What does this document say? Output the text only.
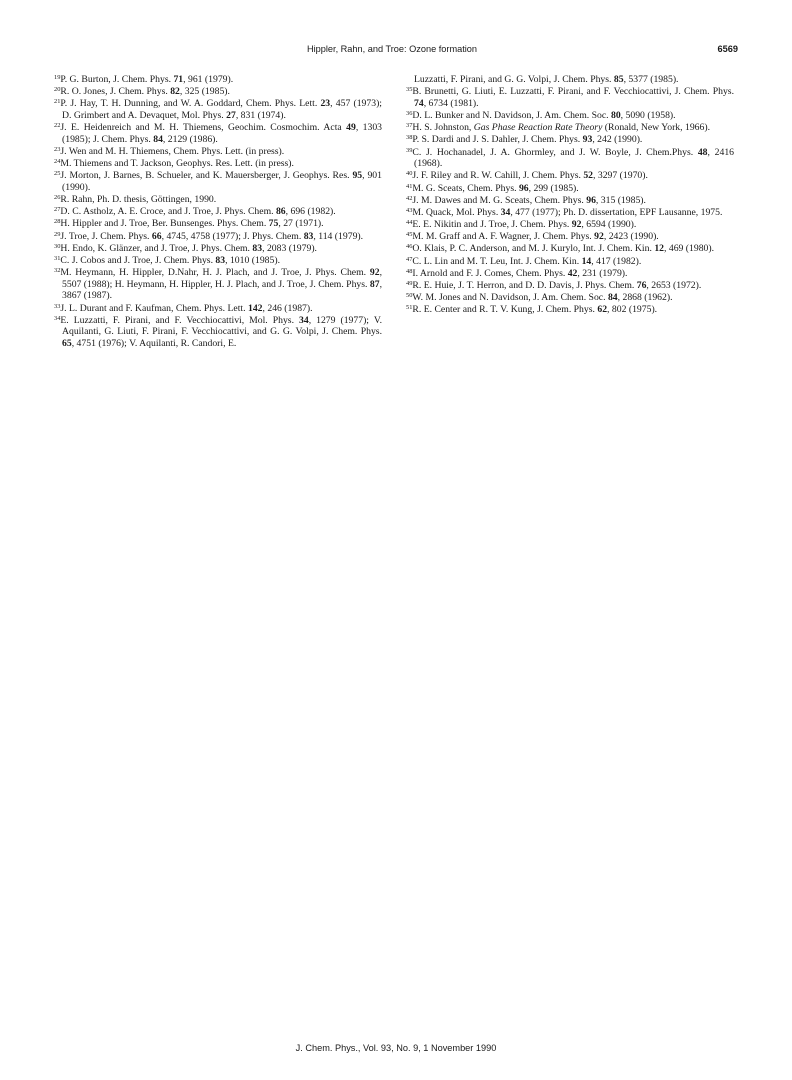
Hippler, Rahn, and Troe: Ozone formation	6569

$^{19}$P. G. Burton, J. Chem. Phys. 71, 961 (1979).

$^{20}$R. O. Jones, J. Chem. Phys. 82, 325 (1985).

$^{21}$P. J. Hay, T. H. Dunning, and W. A. Goddard, Chem. Phys. Lett. 23, 457 (1973); D. Grimbert and A. Devaquet, Mol. Phys. 27, 831 (1974).

$^{22}$J. E. Heidenreich and M. H. Thiemens, Geochim. Cosmochim. Acta 49, 1303 (1985); J. Chem. Phys. 84, 2129 (1986).

$^{23}$J. Wen and M. H. Thiemens, Chem. Phys. Lett. (in press).

$^{24}$M. Thiemens and T. Jackson, Geophys. Res. Lett. (in press).

$^{25}$J. Morton, J. Barnes, B. Schueler, and K. Mauersberger, J. Geophys. Res. 95, 901 (1990).

$^{26}$R. Rahn, Ph. D. thesis, Göttingen, 1990.

$^{27}$D. C. Astholz, A. E. Croce, and J. Troe, J. Phys. Chem. 86, 696 (1982).

$^{28}$H. Hippler and J. Troe, Ber. Bunsenges. Phys. Chem. 75, 27 (1971).

$^{29}$J. Troe, J. Chem. Phys. 66, 4745, 4758 (1977); J. Phys. Chem. 83, 114 (1979).

$^{30}$H. Endo, K. Glänzer, and J. Troe, J. Phys. Chem. 83, 2083 (1979).

$^{31}$C. J. Cobos and J. Troe, J. Chem. Phys. 83, 1010 (1985).

$^{32}$M. Heymann, H. Hippler, D.Nahr, H. J. Plach, and J. Troe, J. Phys. Chem. 92, 5507 (1988); H. Heymann, H. Hippler, H. J. Plach, and J. Troe, J. Chem. Phys. 87, 3867 (1987).

$^{33}$J. L. Durant and F. Kaufman, Chem. Phys. Lett. 142, 246 (1987).

$^{34}$E. Luzzatti, F. Pirani, and F. Vecchiocattivi, Mol. Phys. 34, 1279 (1977); V. Aquilanti, G. Liuti, F. Pirani, F. Vecchiocattivi, and G. G. Volpi, J. Chem. Phys. 65, 4751 (1976); V. Aquilanti, R. Candori, E.

Luzzatti, F. Pirani, and G. G. Volpi, J. Chem. Phys. 85, 5377 (1985).

$^{35}$B. Brunetti, G. Liuti, E. Luzzatti, F. Pirani, and F. Vecchiocattivi, J. Chem. Phys. 74, 6734 (1981).

$^{36}$D. L. Bunker and N. Davidson, J. Am. Chem. Soc. 80, 5090 (1958).

$^{37}$H. S. Johnston, Gas Phase Reaction Rate Theory (Ronald, New York, 1966).

$^{38}$P. S. Dardi and J. S. Dahler, J. Chem. Phys. 93, 242 (1990).

$^{39}$C. J. Hochanadel, J. A. Ghormley, and J. W. Boyle, J. Chem.Phys. 48, 2416 (1968).

$^{40}$J. F. Riley and R. W. Cahill, J. Chem. Phys. 52, 3297 (1970).

$^{41}$M. G. Sceats, Chem. Phys. 96, 299 (1985).

$^{42}$J. M. Dawes and M. G. Sceats, Chem. Phys. 96, 315 (1985).

$^{43}$M. Quack, Mol. Phys. 34, 477 (1977); Ph. D. dissertation, EPF Lausanne, 1975.

$^{44}$E. E. Nikitin and J. Troe, J. Chem. Phys. 92, 6594 (1990).

$^{45}$M. M. Graff and A. F. Wagner, J. Chem. Phys. 92, 2423 (1990).

$^{46}$O. Klais, P. C. Anderson, and M. J. Kurylo, Int. J. Chem. Kin. 12, 469 (1980).

$^{47}$C. L. Lin and M. T. Leu, Int. J. Chem. Kin. 14, 417 (1982).

$^{48}$I. Arnold and F. J. Comes, Chem. Phys. 42, 231 (1979).

$^{49}$R. E. Huie, J. T. Herron, and D. D. Davis, J. Phys. Chem. 76, 2653 (1972).

$^{50}$W. M. Jones and N. Davidson, J. Am. Chem. Soc. 84, 2868 (1962).

$^{51}$R. E. Center and R. T. V. Kung, J. Chem. Phys. 62, 802 (1975).

J. Chem. Phys., Vol. 93, No. 9, 1 November 1990
